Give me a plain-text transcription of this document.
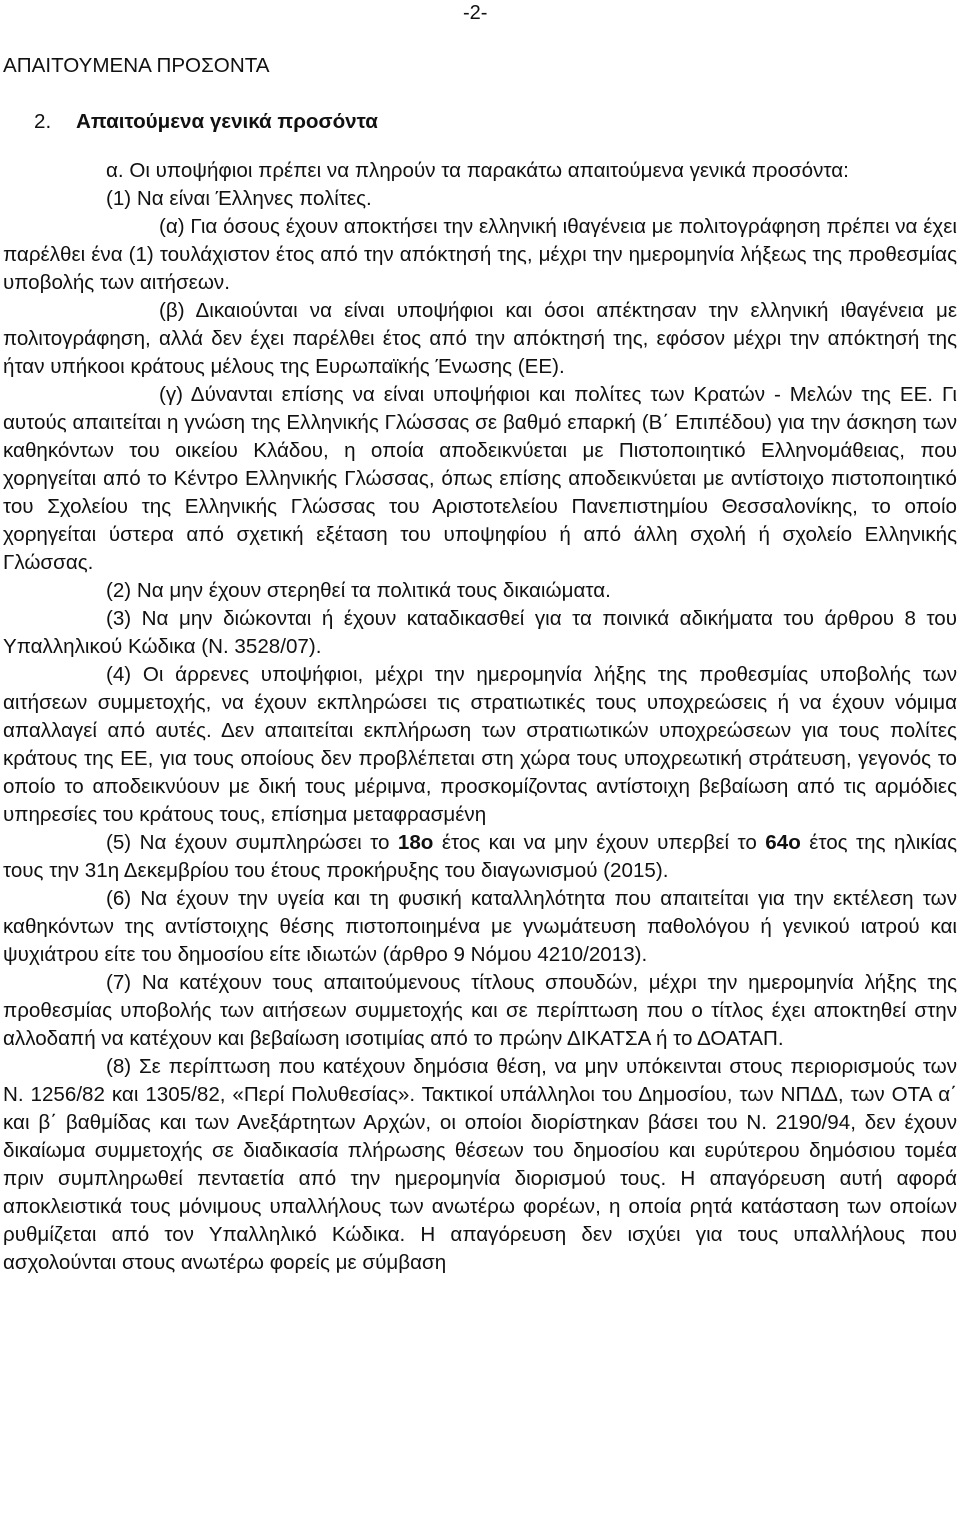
-2-
ΑΠΑΙΤΟΥΜΕΝΑ ΠΡΟΣΟΝΤΑ
2. Απαιτούμενα γενικά προσόντα

α. Οι υποψήφιοι πρέπει να πληρούν τα παρακάτω απαιτούμενα γενικά προσόντα:

(1) Να είναι Έλληνες πολίτες.

(α) Για όσους έχουν αποκτήσει την ελληνική ιθαγένεια με πολιτογράφηση πρέπει να έχει παρέλθει ένα (1) τουλάχιστον έτος από την απόκτησή της, μέχρι την ημερομηνία λήξεως της προθεσμίας υποβολής των αιτήσεων.

(β) Δικαιούνται να είναι υποψήφιοι και όσοι απέκτησαν την ελληνική ιθαγένεια με πολιτογράφηση, αλλά δεν έχει παρέλθει έτος από την απόκτησή της, εφόσον μέχρι την απόκτησή της ήταν υπήκοοι κράτους μέλους της Ευρωπαϊκής Ένωσης (ΕΕ).

(γ) Δύνανται επίσης να είναι υποψήφιοι και πολίτες των Κρατών - Μελών της ΕΕ. Γι αυτούς απαιτείται η γνώση της Ελληνικής Γλώσσας σε βαθμό επαρκή (Β΄ Επιπέδου) για την άσκηση των καθηκόντων του οικείου Κλάδου, η οποία αποδεικνύεται με Πιστοποιητικό Ελληνομάθειας, που χορηγείται από το Κέντρο Ελληνικής Γλώσσας, όπως επίσης αποδεικνύεται με αντίστοιχο πιστοποιητικό του Σχολείου της Ελληνικής Γλώσσας του Αριστοτελείου Πανεπιστημίου Θεσσαλονίκης, το οποίο χορηγείται ύστερα από σχετική εξέταση του υποψηφίου ή από άλλη σχολή ή σχολείο Ελληνικής Γλώσσας.

(2) Να μην έχουν στερηθεί τα πολιτικά τους δικαιώματα.

(3) Να μην διώκονται ή έχουν καταδικασθεί για τα ποινικά αδικήματα του άρθρου 8 του Υπαλληλικού Κώδικα (Ν. 3528/07).

(4) Οι άρρενες υποψήφιοι, μέχρι την ημερομηνία λήξης της προθεσμίας υποβολής των αιτήσεων συμμετοχής, να έχουν εκπληρώσει τις στρατιωτικές τους υποχρεώσεις ή να έχουν νόμιμα απαλλαγεί από αυτές. Δεν απαιτείται εκπλήρωση των στρατιωτικών υποχρεώσεων για τους πολίτες κράτους της ΕΕ, για τους οποίους δεν προβλέπεται στη χώρα τους υποχρεωτική στράτευση, γεγονός το οποίο το αποδεικνύουν με δική τους μέριμνα, προσκομίζοντας αντίστοιχη βεβαίωση από τις αρμόδιες υπηρεσίες του κράτους τους, επίσημα μεταφρασμένη

(5) Να έχουν συμπληρώσει το 18ο έτος και να μην έχουν υπερβεί το 64ο έτος της ηλικίας τους την 31η Δεκεμβρίου του έτους προκήρυξης του διαγωνισμού (2015).

(6) Να έχουν την υγεία και τη φυσική καταλληλότητα που απαιτείται για την εκτέλεση των καθηκόντων της αντίστοιχης θέσης πιστοποιημένα με γνωμάτευση παθολόγου ή γενικού ιατρού και ψυχιάτρου είτε του δημοσίου είτε ιδιωτών (άρθρο 9 Νόμου 4210/2013).

(7) Να κατέχουν τους απαιτούμενους τίτλους σπουδών, μέχρι την ημερομηνία λήξης της προθεσμίας υποβολής των αιτήσεων συμμετοχής και σε περίπτωση που ο τίτλος έχει αποκτηθεί στην αλλοδαπή να κατέχουν και βεβαίωση ισοτιμίας από το πρώην ΔΙΚΑΤΣΑ ή το ΔΟΑΤΑΠ.

(8) Σε περίπτωση που κατέχουν δημόσια θέση, να μην υπόκεινται στους περιορισμούς των Ν. 1256/82 και 1305/82, «Περί Πολυθεσίας». Τακτικοί υπάλληλοι του Δημοσίου, των ΝΠΔΔ, των ΟΤΑ α΄ και β΄ βαθμίδας και των Ανεξάρτητων Αρχών, οι οποίοι διορίστηκαν βάσει του Ν. 2190/94, δεν έχουν δικαίωμα συμμετοχής σε διαδικασία πλήρωσης θέσεων του δημοσίου και ευρύτερου δημόσιου τομέα πριν συμπληρωθεί πενταετία από την ημερομηνία διορισμού τους. Η απαγόρευση αυτή αφορά αποκλειστικά τους μόνιμους υπαλλήλους των ανωτέρω φορέων, η οποία ρητά κατάσταση των οποίων ρυθμίζεται από τον Υπαλληλικό Κώδικα. Η απαγόρευση δεν ισχύει για τους υπαλλήλους που ασχολούνται στους ανωτέρω φορείς με σύμβαση
